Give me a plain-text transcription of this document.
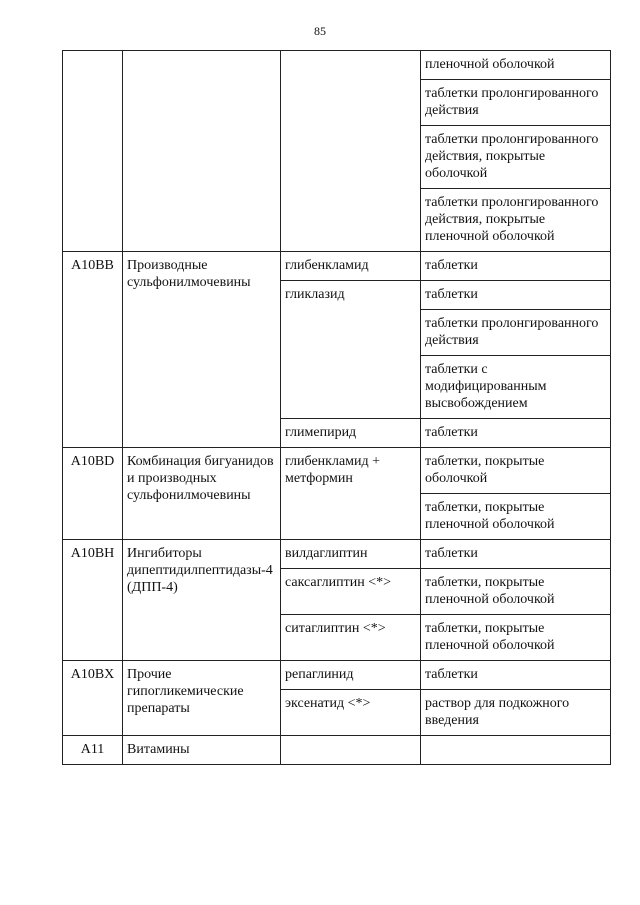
85
			пленочной оболочкой
			таблетки пролонгированного действия
			таблетки пролонгированного действия, покрытые оболочкой
			таблетки пролонгированного действия, покрытые пленочной оболочкой
A10BB	Производные сульфонилмочевины	глибенкламид	таблетки
		гликлазид	таблетки
			таблетки пролонгированного действия
			таблетки с модифицированным высвобождением
		глимепирид	таблетки
A10BD	Комбинация бигуанидов и производных сульфонилмочевины	глибенкламид + метформин	таблетки, покрытые оболочкой
			таблетки, покрытые пленочной оболочкой
A10BH	Ингибиторы дипептидилпептидазы-4 (ДПП-4)	вилдаглиптин	таблетки
		саксаглиптин <*>	таблетки, покрытые пленочной оболочкой
		ситаглиптин <*>	таблетки, покрытые пленочной оболочкой
A10BX	Прочие гипогликемические препараты	репаглинид	таблетки
		эксенатид <*>	раствор для подкожного введения
A11	Витамины		
